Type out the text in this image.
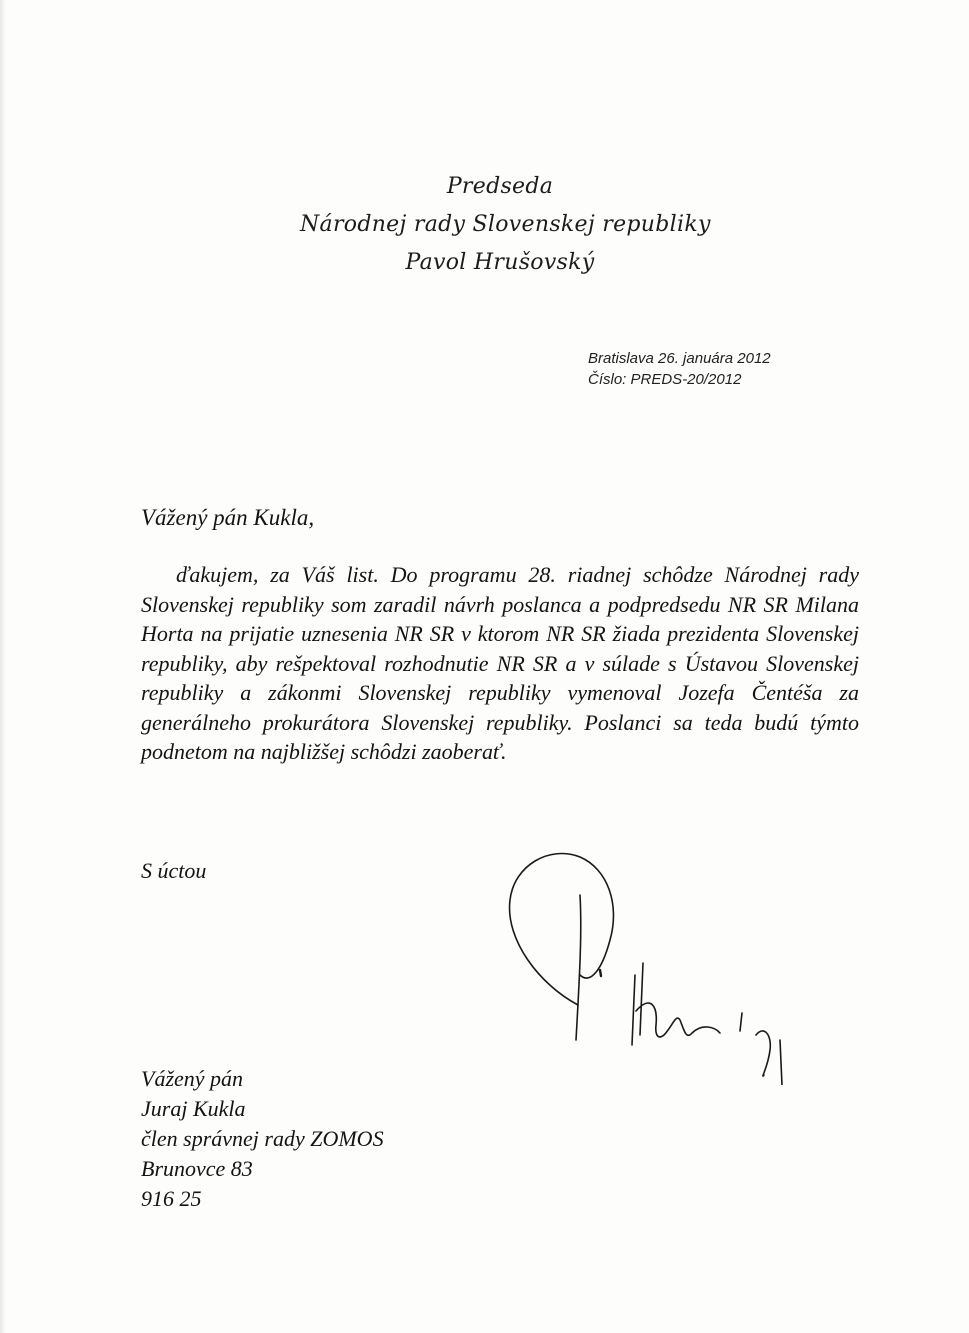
Predseda
Národnej rady Slovenskej republiky
Pavol Hrušovský
Bratislava 26. januára 2012
Číslo: PREDS-20/2012
Vážený pán Kukla,

ďakujem, za Váš list. Do programu 28. riadnej schôdze Národnej rady Slovenskej republiky som zaradil návrh poslanca a podpredsedu NR SR Milana Horta na prijatie uznesenia NR SR v ktorom NR SR žiada prezidenta Slovenskej republiky, aby rešpektoval rozhodnutie NR SR a v súlade s Ústavou Slovenskej republiky a zákonmi Slovenskej republiky vymenoval Jozefa Čentéša za generálneho prokurátora Slovenskej republiky. Poslanci sa teda budú týmto podnetom na najbližšej schôdzi zaoberať.

S úctou
Vážený pán
Juraj Kukla
člen správnej rady ZOMOS
Brunovce 83
916 25
